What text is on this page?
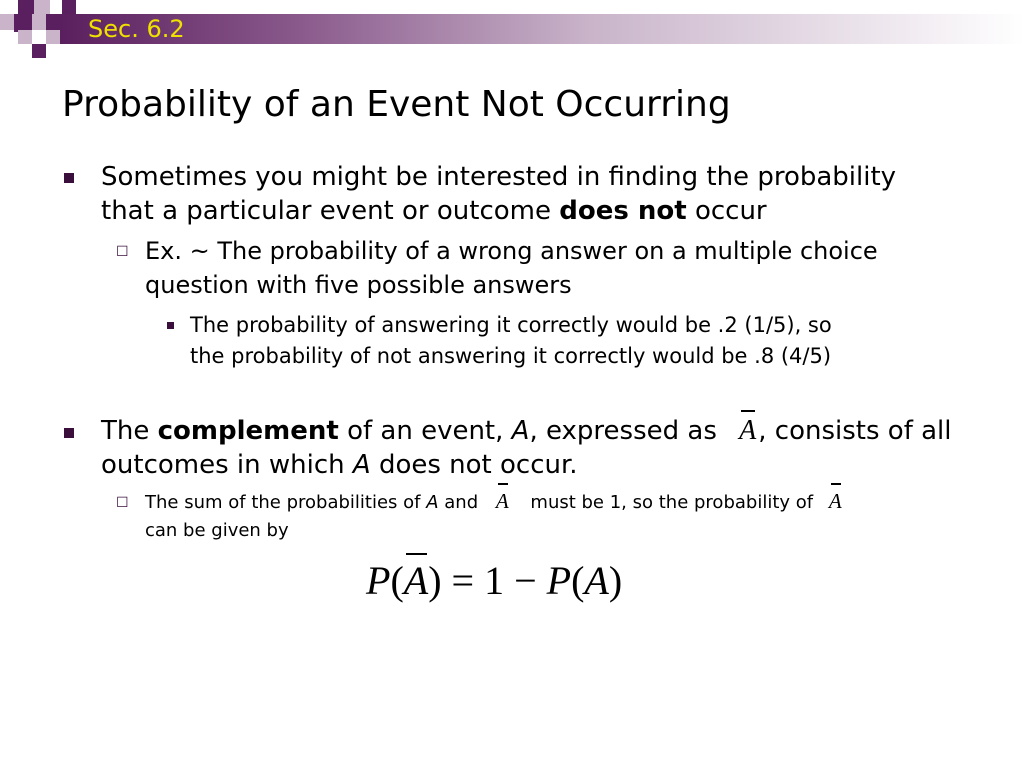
Sec. 6.2
Probability of an Event Not Occurring
Sometimes you might be interested in finding the probability
that a particular event or outcome does not occur
☐ Ex. ~ The probability of a wrong answer on a multiple choice
question with five possible answers
The probability of answering it correctly would be .2 (1/5), so
the probability of not answering it correctly would be .8 (4/5)
The complement of an event, A, expressed as A, consists of all
outcomes in which A does not occur.
☐ The sum of the probabilities of A and A must be 1, so the probability of A
can be given by
P(A) = 1 − P(A)
